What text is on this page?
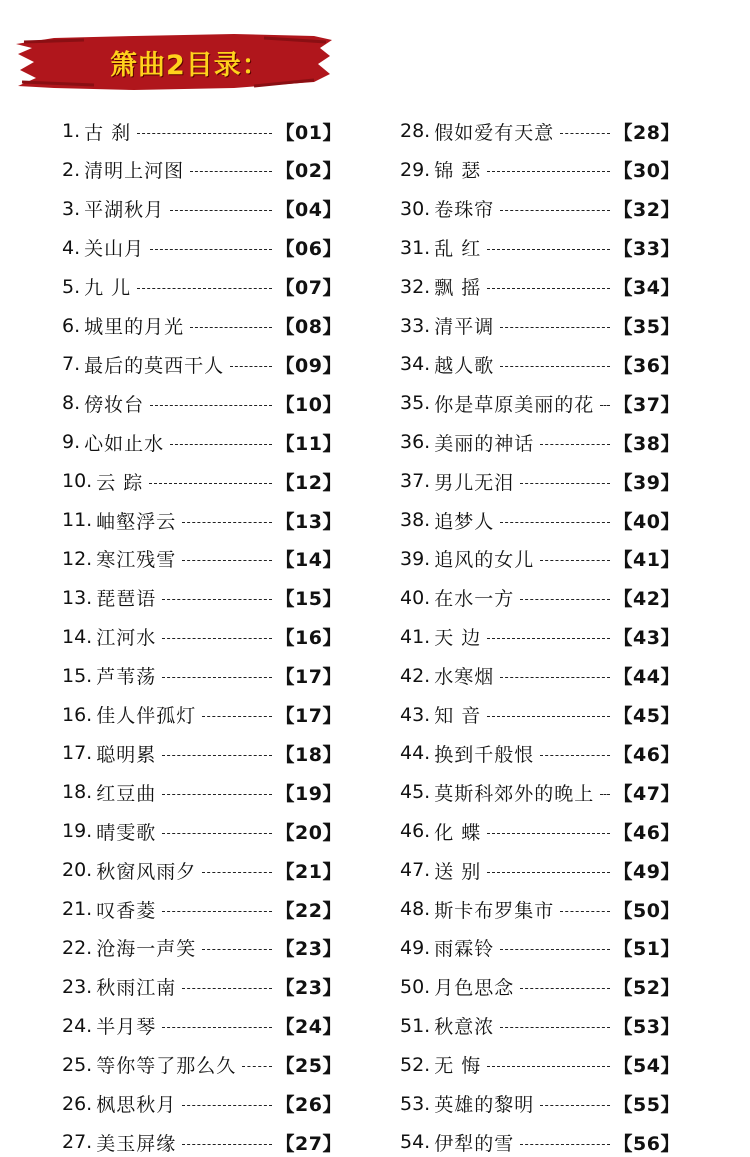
箫曲2目录：
1. 古 刹	【01】
2. 清明上河图	【02】
3. 平湖秋月	【04】
4. 关山月	【06】
5. 九 儿	【07】
6. 城里的月光	【08】
7. 最后的莫西干人	【09】
8. 傍妆台	【10】
9. 心如止水	【11】
10. 云 踪	【12】
11. 岫壑浮云	【13】
12. 寒江残雪	【14】
13. 琵琶语	【15】
14. 江河水	【16】
15. 芦苇荡	【17】
16. 佳人伴孤灯	【17】
17. 聪明累	【18】
18. 红豆曲	【19】
19. 晴雯歌	【20】
20. 秋窗风雨夕	【21】
21. 叹香菱	【22】
22. 沧海一声笑	【23】
23. 秋雨江南	【23】
24. 半月琴	【24】
25. 等你等了那么久 【25】
26. 枫思秋月	【26】
27. 美玉屏缘	【27】
28. 假如爱有天意	【28】
29. 锦 瑟	【30】
30. 卷珠帘	【32】
31. 乱 红	【33】
32. 飘 摇	【34】
33. 清平调	【35】
34. 越人歌	【36】
35. 你是草原美丽的花 【37】
36. 美丽的神话	【38】
37. 男儿无泪	【39】
38. 追梦人	【40】
39. 追风的女儿	【41】
40. 在水一方	【42】
41. 天 边	【43】
42. 水寒烟	【44】
43. 知 音	【45】
44. 换到千般恨	【46】
45. 莫斯科郊外的晚上 【47】
46. 化 蝶	【46】
47. 送 别	【49】
48. 斯卡布罗集市	【50】
49. 雨霖铃	【51】
50. 月色思念	【52】
51. 秋意浓	【53】
52. 无 悔	【54】
53. 英雄的黎明	【55】
54. 伊犁的雪	【56】
